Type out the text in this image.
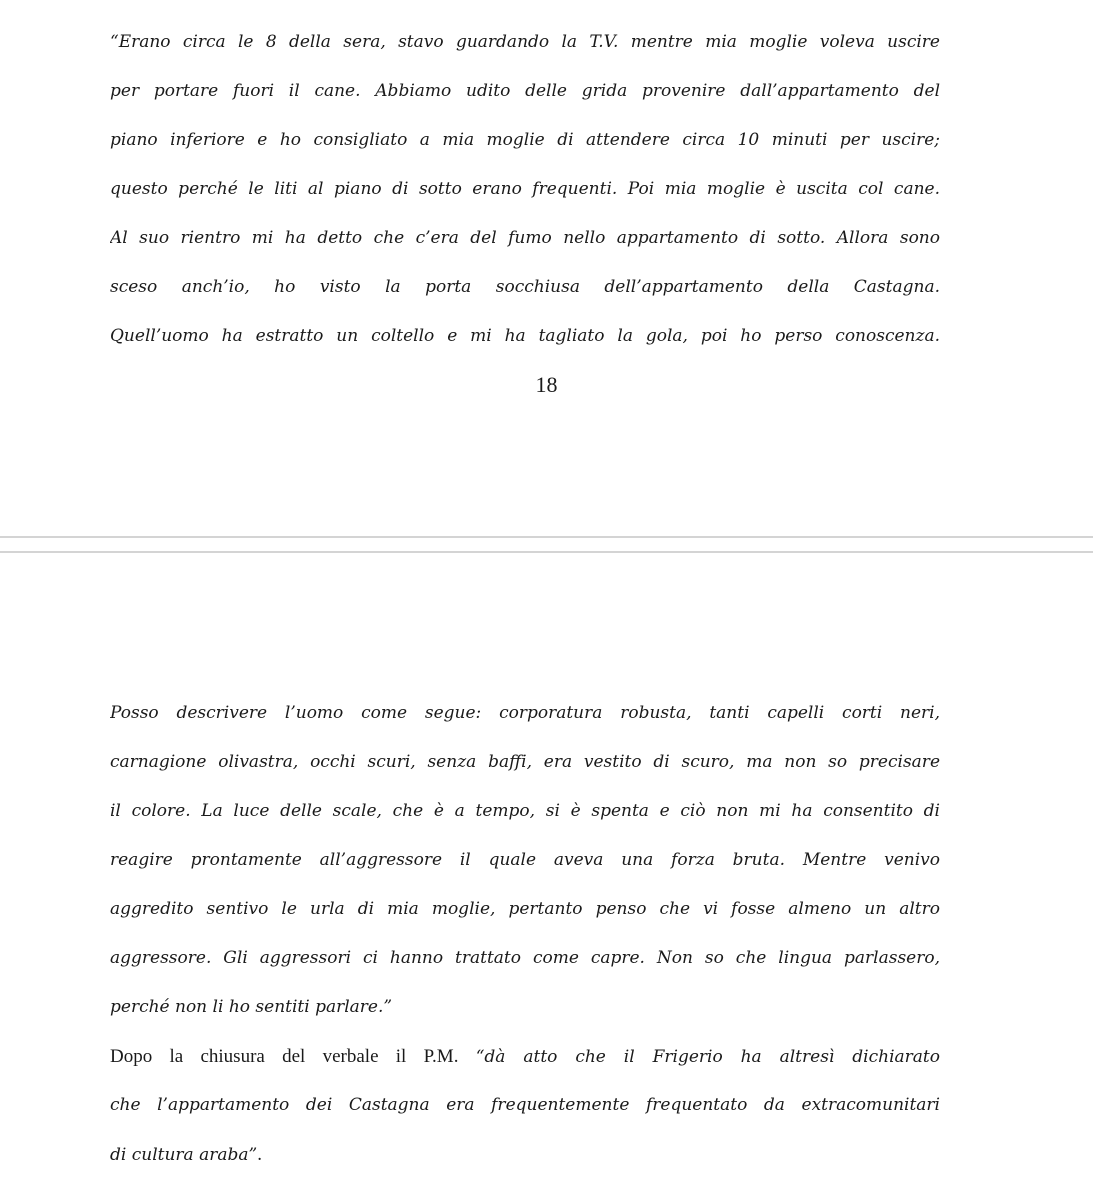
“Erano circa le 8 della sera, stavo guardando la T.V. mentre mia moglie voleva uscire
per portare fuori il cane. Abbiamo udito delle grida provenire dall’appartamento del
piano inferiore e ho consigliato a mia moglie di attendere circa 10 minuti per uscire;
questo perché le liti al piano di sotto erano frequenti. Poi mia moglie è uscita col cane.
Al suo rientro mi ha detto che c’era del fumo nello appartamento di sotto. Allora sono
sceso anch’io, ho visto la porta socchiusa dell’appartamento della Castagna.
Quell’uomo ha estratto un coltello e mi ha tagliato la gola, poi ho perso conoscenza.
18
Posso descrivere l’uomo come segue: corporatura robusta, tanti capelli corti neri,
carnagione olivastra, occhi scuri, senza baffi, era vestito di scuro, ma non so precisare
il colore. La luce delle scale, che è a tempo, si è spenta e ciò non mi ha consentito di
reagire prontamente all’aggressore il quale aveva una forza bruta. Mentre venivo
aggredito sentivo le urla di mia moglie, pertanto penso che vi fosse almeno un altro
aggressore. Gli aggressori ci hanno trattato come capre. Non so che lingua parlassero,
perché non li ho sentiti parlare.”
Dopo la chiusura del verbale il P.M. “dà atto che il Frigerio ha altresì dichiarato
che l’appartamento dei Castagna era frequentemente frequentato da extracomunitari
di cultura araba”.
